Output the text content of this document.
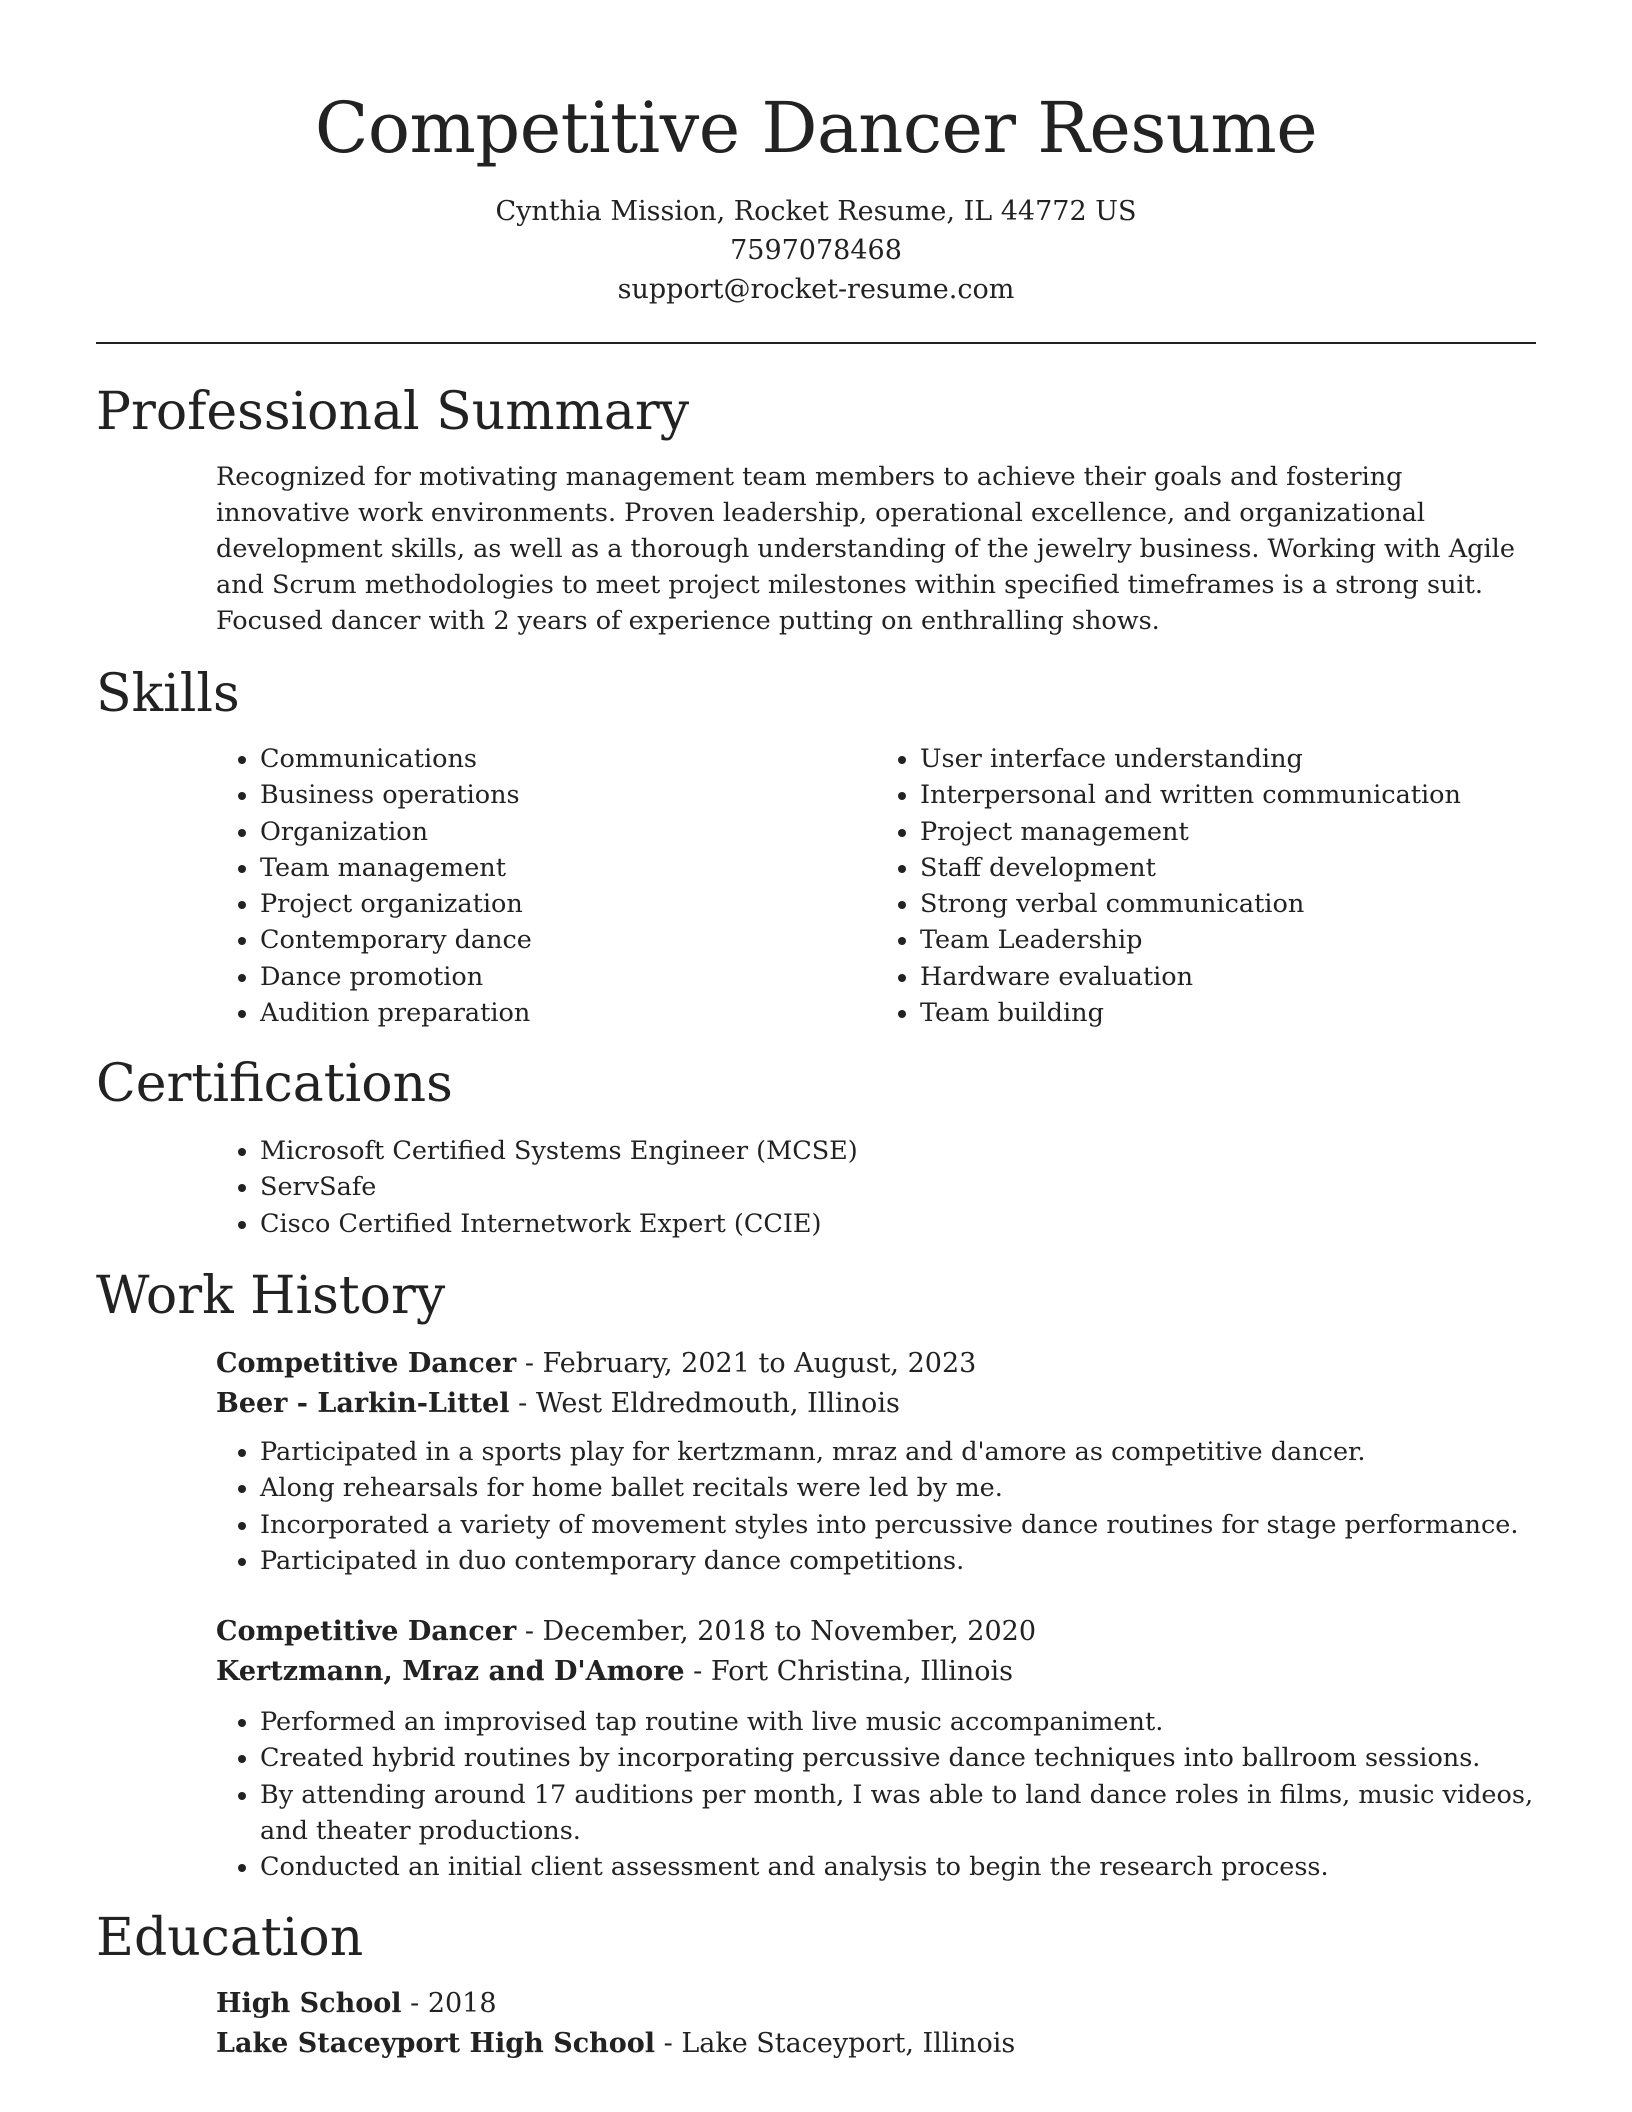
Competitive Dancer Resume
Cynthia Mission, Rocket Resume, IL 44772 US
7597078468
support@rocket-resume.com
Professional Summary

Recognized for motivating management team members to achieve their goals and fostering innovative work environments. Proven leadership, operational excellence, and organizational development skills, as well as a thorough understanding of the jewelry business. Working with Agile and Scrum methodologies to meet project milestones within specified timeframes is a strong suit. Focused dancer with 2 years of experience putting on enthralling shows.

Skills
• Communications
• Business operations
• Organization
• Team management
• Project organization
• Contemporary dance
• Dance promotion
• Audition preparation
• User interface understanding
• Interpersonal and written communication
• Project management
• Staff development
• Strong verbal communication
• Team Leadership
• Hardware evaluation
• Team building
Certifications
• Microsoft Certified Systems Engineer (MCSE)
• ServSafe
• Cisco Certified Internetwork Expert (CCIE)
Work History
Competitive Dancer - February, 2021 to August, 2023
Beer - Larkin-Littel - West Eldredmouth, Illinois
• Participated in a sports play for kertzmann, mraz and d'amore as competitive dancer.
• Along rehearsals for home ballet recitals were led by me.
• Incorporated a variety of movement styles into percussive dance routines for stage performance.
• Participated in duo contemporary dance competitions.
Competitive Dancer - December, 2018 to November, 2020
Kertzmann, Mraz and D'Amore - Fort Christina, Illinois
• Performed an improvised tap routine with live music accompaniment.
• Created hybrid routines by incorporating percussive dance techniques into ballroom sessions.
• By attending around 17 auditions per month, I was able to land dance roles in films, music videos, and theater productions.
• Conducted an initial client assessment and analysis to begin the research process.
Education
High School - 2018
Lake Staceyport High School - Lake Staceyport, Illinois
